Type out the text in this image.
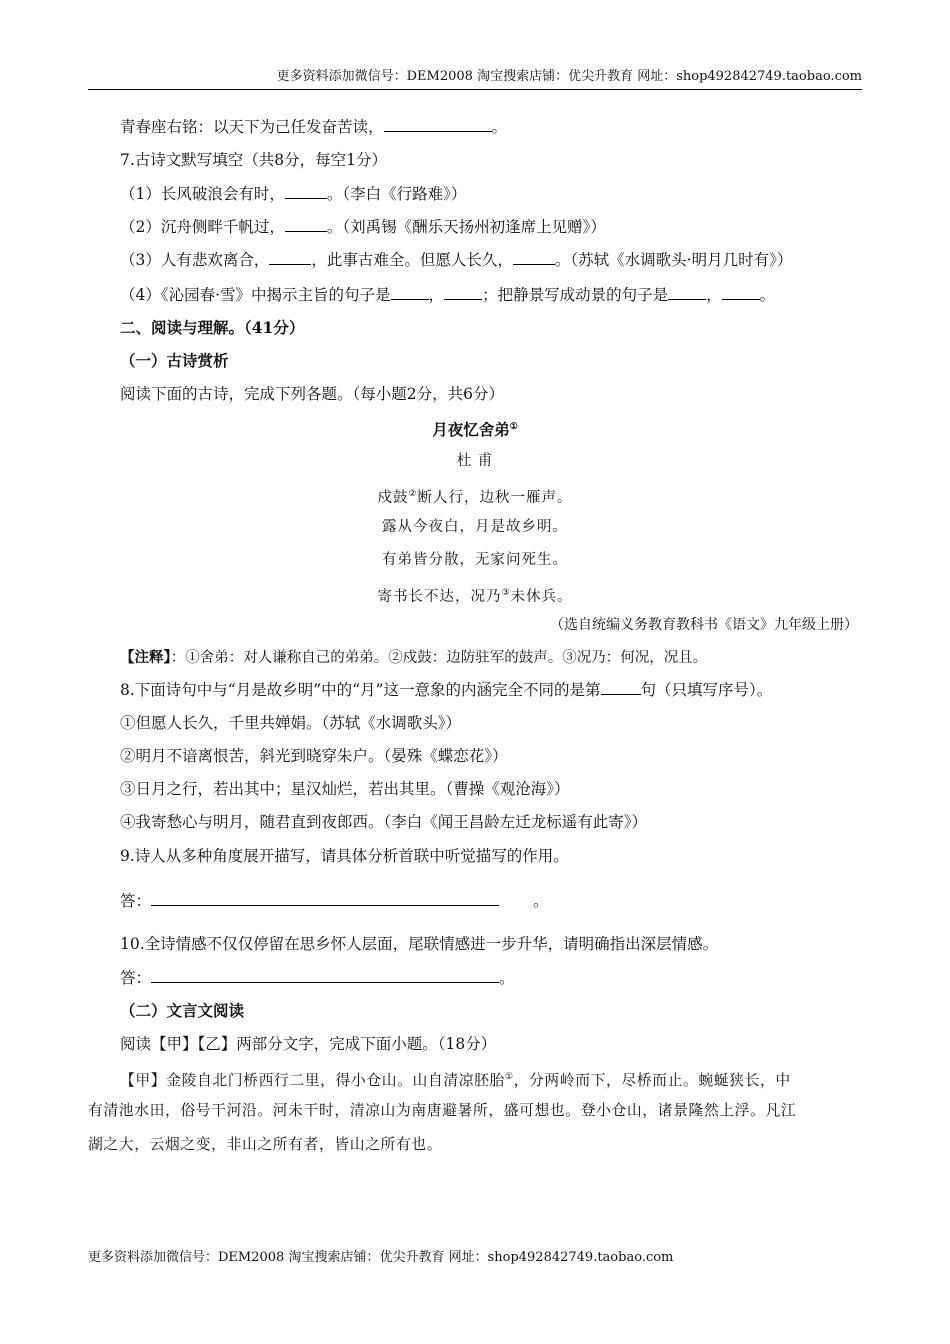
更多资料添加微信号：DEM2008 淘宝搜索店铺：优尖升教育 网址：shop492842749.taobao.com
青春座右铭：以天下为己任发奋苦读，	。
7.古诗文默写填空（共8分，每空1分）
（1）长风破浪会有时，	。（李白《行路难》）
（2）沉舟侧畔千帆过，	。（刘禹锡《酬乐天扬州初逢席上见赠》）
（3）人有悲欢离合，	，此事古难全。但愿人长久，	。（苏轼《水调歌头·明月几时有》）
（4）《沁园春·雪》中揭示主旨的句子是 ， ；把静景写成动景的句子是 ， 。
二、阅读与理解。（41分）
（一）古诗赏析
阅读下面的古诗，完成下列各题。（每小题2分，共6分）
月夜忆舍弟①
杜 甫
戍鼓②断人行，边秋一雁声。
露从今夜白，月是故乡明。
有弟皆分散，无家问死生。
寄书长不达，况乃③未休兵。
（选自统编义务教育教科书《语文》九年级上册）
【注释】：①舍弟：对人谦称自己的弟弟。②戍鼓：边防驻军的鼓声。③况乃：何况，况且。
8.下面诗句中与“月是故乡明”中的“月”这一意象的内涵完全不同的是第	句（只填写序号）。
①但愿人长久，千里共婵娟。（苏轼《水调歌头》）
②明月不谙离恨苦，斜光到晓穿朱户。（晏殊《蝶恋花》）
③日月之行，若出其中；星汉灿烂，若出其里。（曹操《观沧海》）
④我寄愁心与明月，随君直到夜郎西。（李白《闻王昌龄左迁龙标遥有此寄》）
9.诗人从多种角度展开描写，请具体分析首联中听觉描写的作用。
答：	。
10.全诗情感不仅仅停留在思乡怀人层面，尾联情感进一步升华，请明确指出深层情感。
答：	。
（二）文言文阅读
阅读【甲】【乙】两部分文字，完成下面小题。（18分）
【甲】金陵自北门桥西行二里，得小仓山。山自清凉胚胎①，分两岭而下，尽桥而止。蜿蜒狭长，中
有清池水田，俗号干河沿。河未干时，清凉山为南唐避暑所，盛可想也。登小仓山，诸景隆然上浮。凡江
湖之大，云烟之变，非山之所有者，皆山之所有也。
更多资料添加微信号：DEM2008 淘宝搜索店铺：优尖升教育 网址：shop492842749.taobao.com
